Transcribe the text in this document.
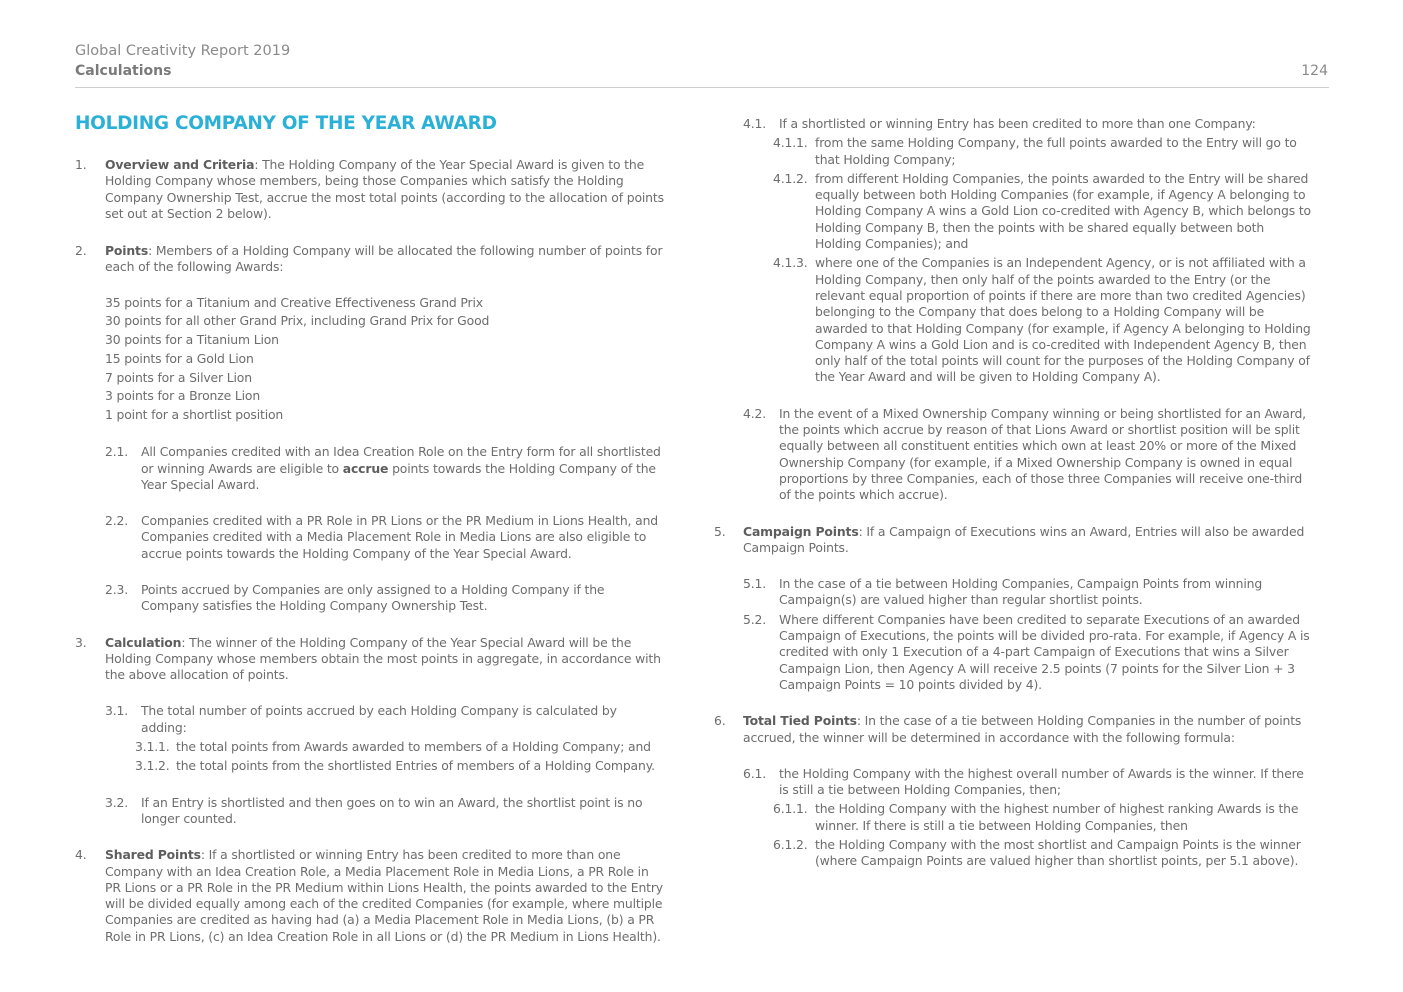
Global Creativity Report 2019
Calculations	124
HOLDING COMPANY OF THE YEAR AWARD
1. Overview and Criteria: The Holding Company of the Year Special Award is given to the Holding Company whose members, being those Companies which satisfy the Holding Company Ownership Test, accrue the most total points (according to the allocation of points set out at Section 2 below).
2. Points: Members of a Holding Company will be allocated the following number of points for each of the following Awards:
35 points for a Titanium and Creative Effectiveness Grand Prix
30 points for all other Grand Prix, including Grand Prix for Good
30 points for a Titanium Lion
15 points for a Gold Lion
7 points for a Silver Lion
3 points for a Bronze Lion
1 point for a shortlist position
2.1. All Companies credited with an Idea Creation Role on the Entry form for all shortlisted or winning Awards are eligible to accrue points towards the Holding Company of the Year Special Award.
2.2. Companies credited with a PR Role in PR Lions or the PR Medium in Lions Health, and Companies credited with a Media Placement Role in Media Lions are also eligible to accrue points towards the Holding Company of the Year Special Award.
2.3. Points accrued by Companies are only assigned to a Holding Company if the Company satisfies the Holding Company Ownership Test.
3. Calculation: The winner of the Holding Company of the Year Special Award will be the Holding Company whose members obtain the most points in aggregate, in accordance with the above allocation of points.
3.1. The total number of points accrued by each Holding Company is calculated by adding:
3.1.1. the total points from Awards awarded to members of a Holding Company; and
3.1.2. the total points from the shortlisted Entries of members of a Holding Company.
3.2. If an Entry is shortlisted and then goes on to win an Award, the shortlist point is no longer counted.
4. Shared Points: If a shortlisted or winning Entry has been credited to more than one Company with an Idea Creation Role, a Media Placement Role in Media Lions, a PR Role in PR Lions or a PR Role in the PR Medium within Lions Health, the points awarded to the Entry will be divided equally among each of the credited Companies (for example, where multiple Companies are credited as having had (a) a Media Placement Role in Media Lions, (b) a PR Role in PR Lions, (c) an Idea Creation Role in all Lions or (d) the PR Medium in Lions Health).
4.1. If a shortlisted or winning Entry has been credited to more than one Company:
4.1.1. from the same Holding Company, the full points awarded to the Entry will go to that Holding Company;
4.1.2. from different Holding Companies, the points awarded to the Entry will be shared equally between both Holding Companies (for example, if Agency A belonging to Holding Company A wins a Gold Lion co-credited with Agency B, which belongs to Holding Company B, then the points with be shared equally between both Holding Companies); and
4.1.3. where one of the Companies is an Independent Agency, or is not affiliated with a Holding Company, then only half of the points awarded to the Entry (or the relevant equal proportion of points if there are more than two credited Agencies) belonging to the Company that does belong to a Holding Company will be awarded to that Holding Company (for example, if Agency A belonging to Holding Company A wins a Gold Lion and is co-credited with Independent Agency B, then only half of the total points will count for the purposes of the Holding Company of the Year Award and will be given to Holding Company A).
4.2. In the event of a Mixed Ownership Company winning or being shortlisted for an Award, the points which accrue by reason of that Lions Award or shortlist position will be split equally between all constituent entities which own at least 20% or more of the Mixed Ownership Company (for example, if a Mixed Ownership Company is owned in equal proportions by three Companies, each of those three Companies will receive one-third of the points which accrue).
5. Campaign Points: If a Campaign of Executions wins an Award, Entries will also be awarded Campaign Points.
5.1. In the case of a tie between Holding Companies, Campaign Points from winning Campaign(s) are valued higher than regular shortlist points.
5.2. Where different Companies have been credited to separate Executions of an awarded Campaign of Executions, the points will be divided pro-rata. For example, if Agency A is credited with only 1 Execution of a 4-part Campaign of Executions that wins a Silver Campaign Lion, then Agency A will receive 2.5 points (7 points for the Silver Lion + 3 Campaign Points = 10 points divided by 4).
6. Total Tied Points: In the case of a tie between Holding Companies in the number of points accrued, the winner will be determined in accordance with the following formula:
6.1. the Holding Company with the highest overall number of Awards is the winner. If there is still a tie between Holding Companies, then;
6.1.1. the Holding Company with the highest number of highest ranking Awards is the winner. If there is still a tie between Holding Companies, then
6.1.2. the Holding Company with the most shortlist and Campaign Points is the winner (where Campaign Points are valued higher than shortlist points, per 5.1 above).
